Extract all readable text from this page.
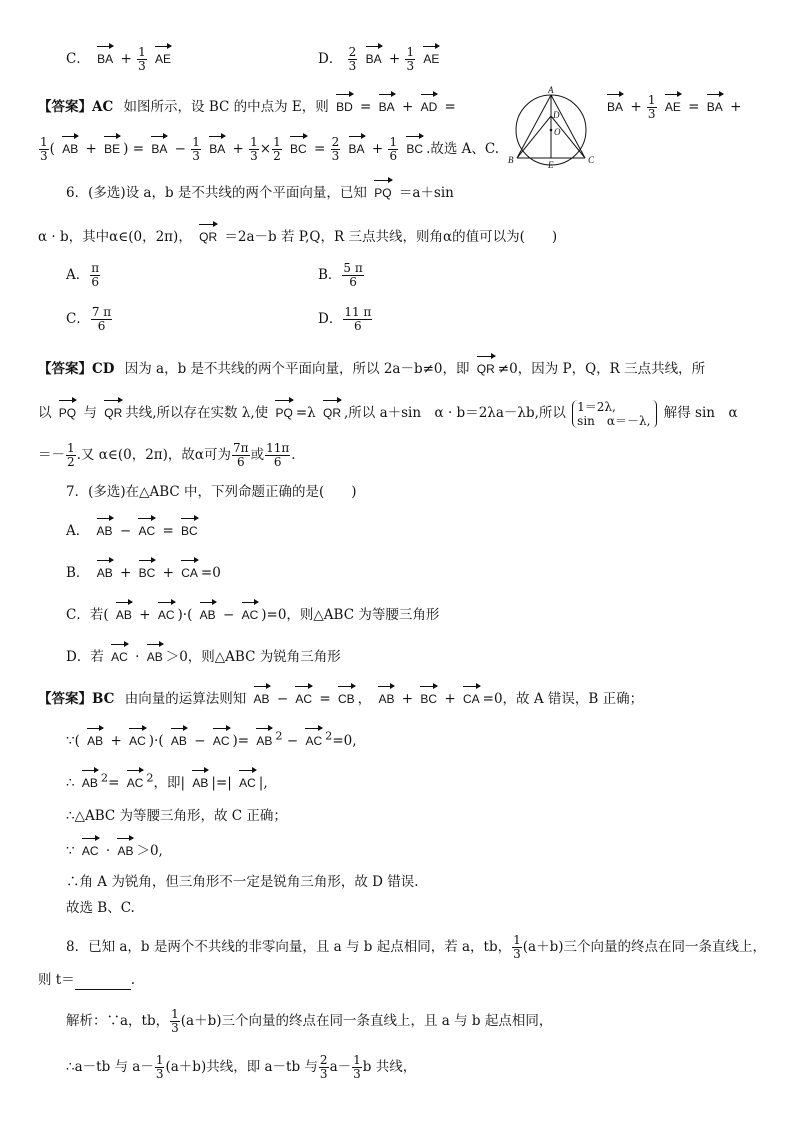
C． BA + $\frac{1}{3}$ AE	D． $\frac{2}{3}$ BA + $\frac{1}{3}$ AE
【答案】AC 如图所示，设 BC 的中点为 E，则 BD = BA + AD =	BA + $\frac{1}{3}$ AE = BA +
A
B	C
D
E
O
$\frac{1}{3}$ ( AB + BE ) = BA − $\frac{1}{3}$ BA + $\frac{1}{3} \times \frac{1}{2}$ BC = $\frac{2}{3}$ BA + $\frac{1}{6}$ BC .故选 A、C.
6．(多选)设 a，b 是不共线的两个平面向量，已知 PQ ＝a＋sin
α · b，其中α∈(0，2π)， QR ＝2a－b 若 P,Q，R 三点共线，则角α的值可以为(　　)
A． $\frac{\pi}{6}$	B． $\frac{5 \pi}{6}$
C． $\frac{7 \pi}{6}$	D． $\frac{11 \pi}{6}$
【答案】CD 因为 a，b 是不共线的两个平面向量，所以 2a－b≠0，即 QR ≠0，因为 P，Q，R 三点共线，所
以 PQ 与 QR 共线,所以存在实数 λ,使 PQ =λ QR ,所以 a＋sin　α · b＝2λa－λb,所以 1＝2λ,
sin　α＝－λ, 解得 sin　α
＝－ $\frac{1}{2}$ .又 α∈(0，2π)，故α可为 $\frac{7\pi}{6}$ 或 $\frac{11\pi}{6}$ .
7．(多选)在△ABC 中，下列命题正确的是(　　)
A． AB − AC = BC
B． AB + BC + CA =0
C．若( AB + AC )·( AB − AC )=0，则△ABC 为等腰三角形
D．若 AC · AB ＞0，则△ABC 为锐角三角形
【答案】BC 由向量的运算法则知 AB − AC = CB ， AB + BC + CA =0，故 A 错误，B 正确；
∵( AB + AC )·( AB − AC )= AB $^2$ − AC $^2$=0,
∴ AB $^2$= AC $^2$，即| AB |=| AC |,
∴△ABC 为等腰三角形，故 C 正确；
∵ AC · AB ＞0,
∴角 A 为锐角，但三角形不一定是锐角三角形，故 D 错误.
故选 B、C.
8．已知 a，b 是两个不共线的非零向量，且 a 与 b 起点相同，若 a，tb， $\frac{1}{3} (a+b)$三个向量的终点在同一条直线上，
则 t＝	.
解析：∵a，tb， $\frac{1}{3} (a+b)$三个向量的终点在同一条直线上，且 a 与 b 起点相同，
∴a－tb 与 $a- \frac{1}{3} (a+b)$共线，即 a－tb 与 $\frac{2}{3} a- \frac{1}{3}$ b 共线，
